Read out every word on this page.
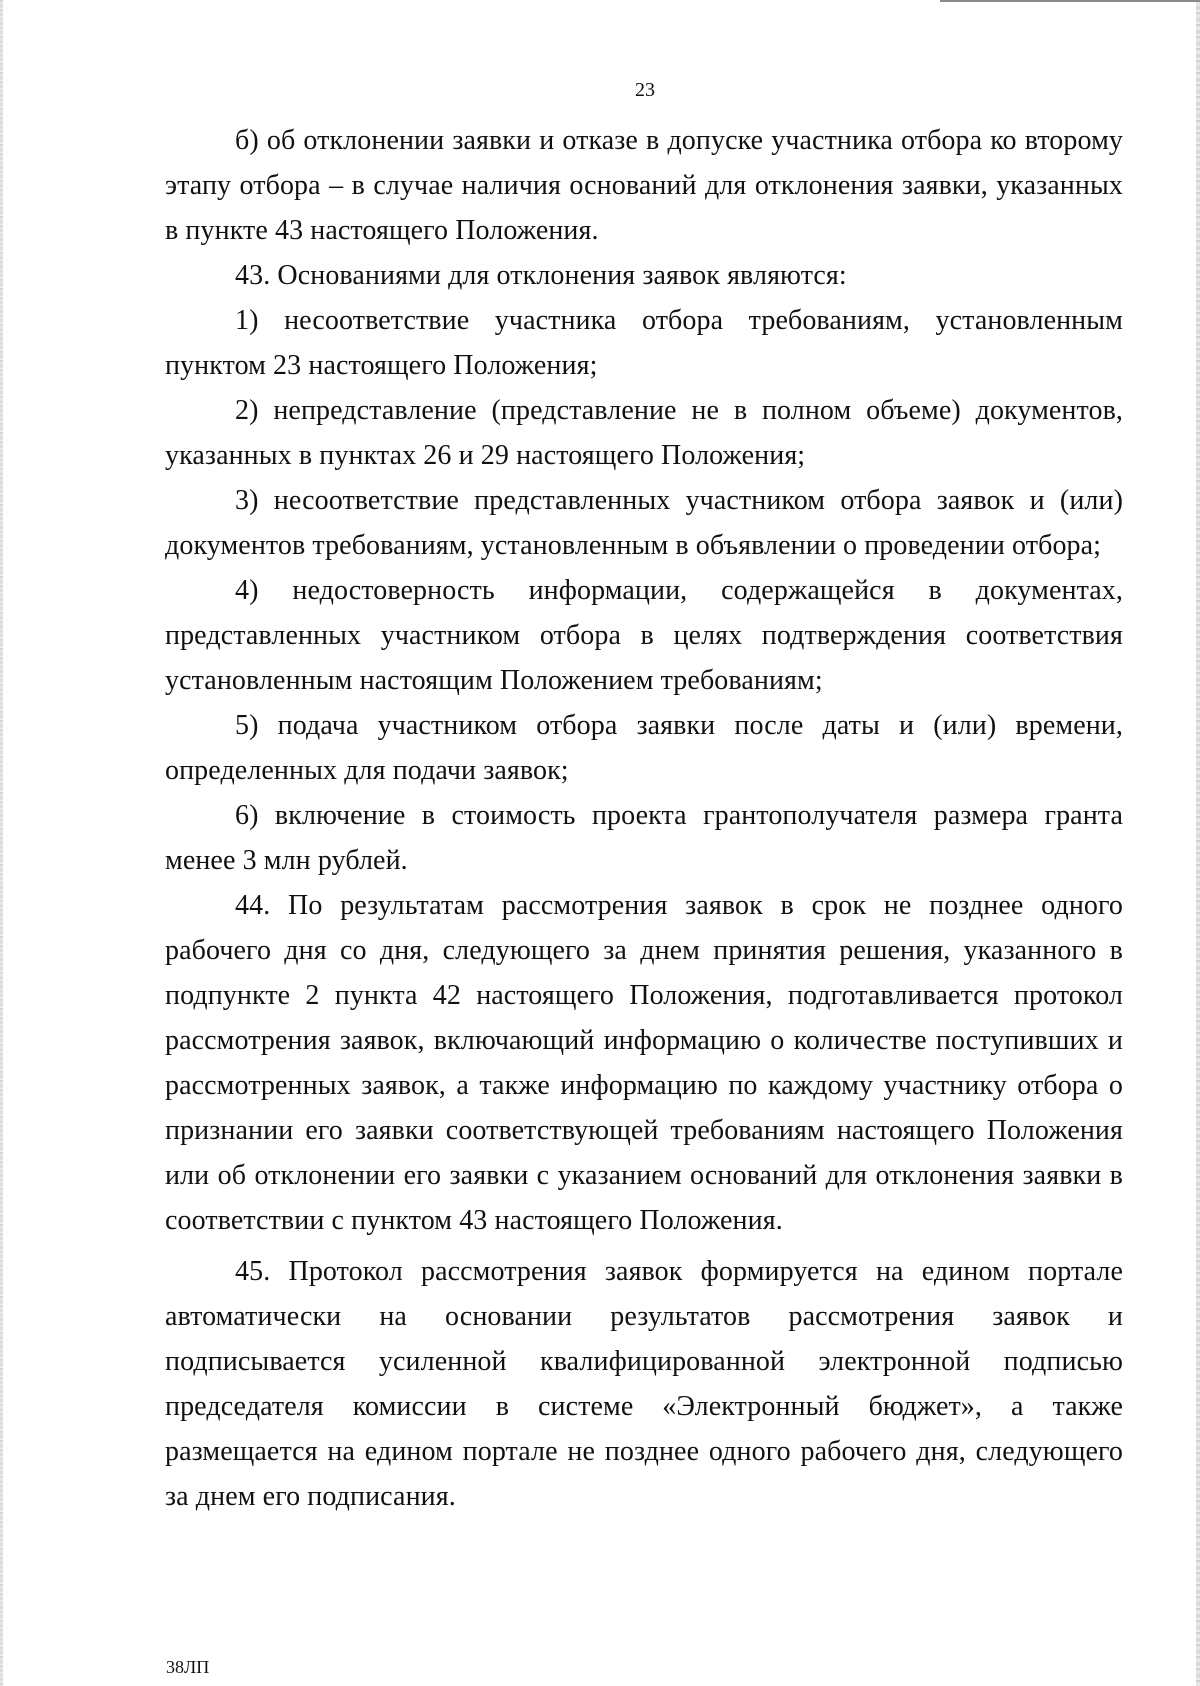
23

б) об отклонении заявки и отказе в допуске участника отбора ко второму этапу отбора – в случае наличия оснований для отклонения заявки, указанных в пункте 43 настоящего Положения.

43. Основаниями для отклонения заявок являются:

1) несоответствие участника отбора требованиям, установленным пунктом 23 настоящего Положения;

2) непредставление (представление не в полном объеме) документов, указанных в пунктах 26 и 29 настоящего Положения;

3) несоответствие представленных участником отбора заявок и (или) документов требованиям, установленным в объявлении о проведении отбора;

4) недостоверность информации, содержащейся в документах, представленных участником отбора в целях подтверждения соответствия установленным настоящим Положением требованиям;

5) подача участником отбора заявки после даты и (или) времени, определенных для подачи заявок;

6) включение в стоимость проекта грантополучателя размера гранта менее 3 млн рублей.

44. По результатам рассмотрения заявок в срок не позднее одного рабочего дня со дня, следующего за днем принятия решения, указанного в подпункте 2 пункта 42 настоящего Положения, подготавливается протокол рассмотрения заявок, включающий информацию о количестве поступивших и рассмотренных заявок, а также информацию по каждому участнику отбора о признании его заявки соответствующей требованиям настоящего Положения или об отклонении его заявки с указанием оснований для отклонения заявки в соответствии с пунктом 43 настоящего Положения.

45. Протокол рассмотрения заявок формируется на едином портале автоматически на основании результатов рассмотрения заявок и подписывается усиленной квалифицированной электронной подписью председателя комиссии в системе «Электронный бюджет», а также размещается на едином портале не позднее одного рабочего дня, следующего за днем его подписания.

38ЛП
